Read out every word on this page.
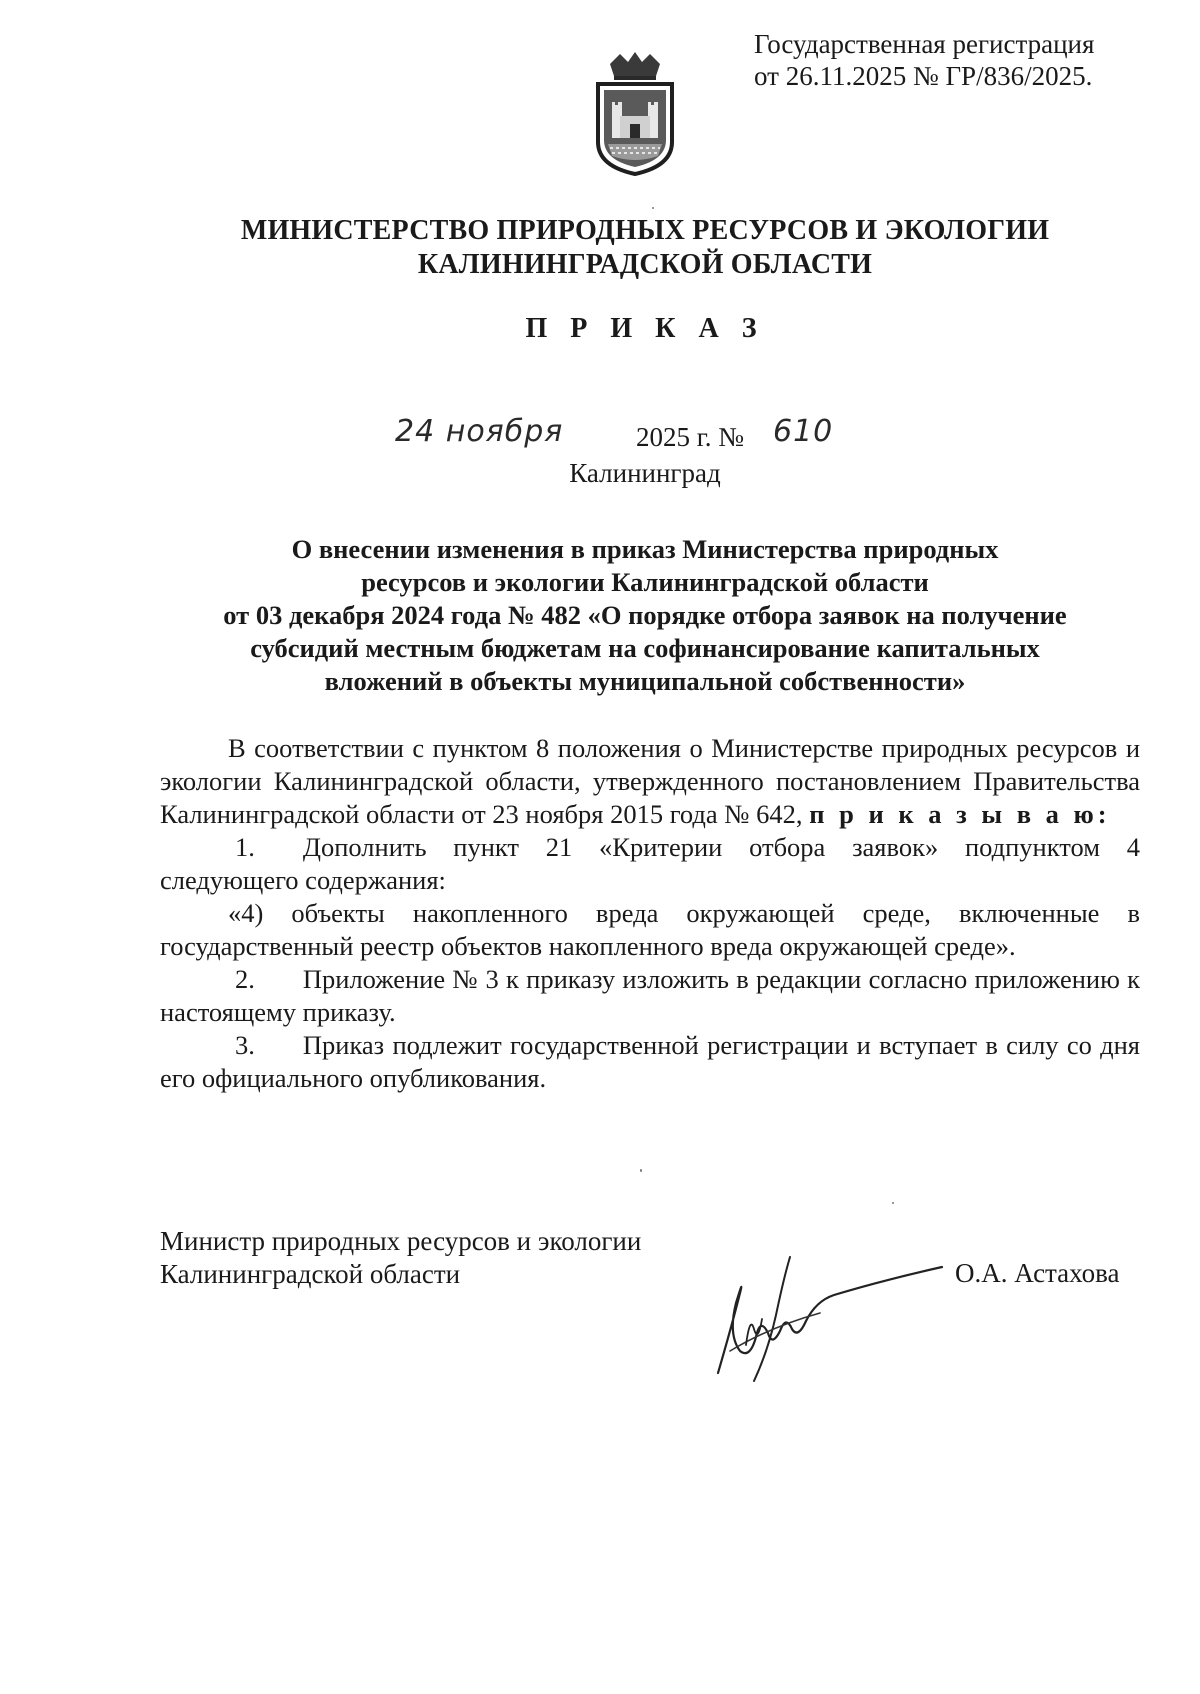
Государственная регистрация
от 26.11.2025 № ГР/836/2025.
МИНИСТЕРСТВО ПРИРОДНЫХ РЕСУРСОВ И ЭКОЛОГИИ
КАЛИНИНГРАДСКОЙ ОБЛАСТИ
П Р И К А З
24 ноября	2025 г. № 610
Калининград
О внесении изменения в приказ Министерства природных
ресурсов и экологии Калининградской области
от 03 декабря 2024 года № 482 «О порядке отбора заявок на получение
субсидий местным бюджетам на софинансирование капитальных
вложений в объекты муниципальной собственности»

В соответствии с пунктом 8 положения о Министерстве природных ресурсов и экологии Калининградской области, утвержденного постановлением Правительства Калининградской области от 23 ноября 2015 года № 642, п р и к а з ы в а ю:

1. Дополнить пункт 21 «Критерии отбора заявок» подпунктом 4 следующего содержания:

«4) объекты накопленного вреда окружающей среде, включенные в государственный реестр объектов накопленного вреда окружающей среде».

2. Приложение № 3 к приказу изложить в редакции согласно приложению к настоящему приказу.

3. Приказ подлежит государственной регистрации и вступает в силу со дня его официального опубликования.

Министр природных ресурсов и экологии
Калининградской области	О.А. Астахова
